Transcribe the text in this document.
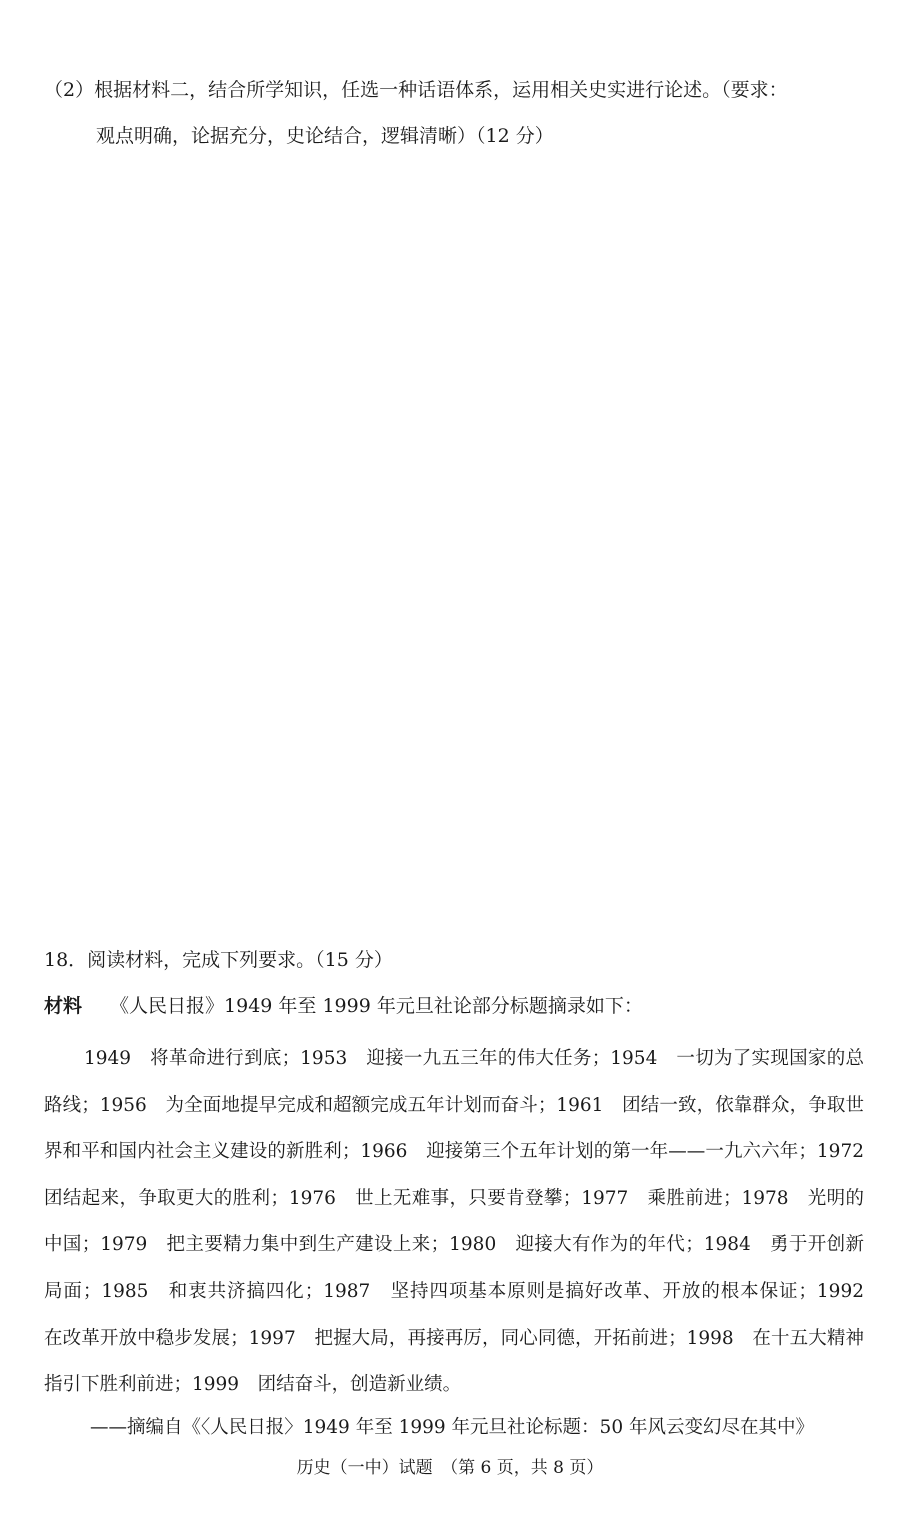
（2）根据材料二，结合所学知识，任选一种话语体系，运用相关史实进行论述。（要求：
观点明确，论据充分，史论结合，逻辑清晰）（12 分）
18．阅读材料，完成下列要求。（15 分）
材料 《人民日报》1949 年至 1999 年元旦社论部分标题摘录如下：
1949　将革命进行到底；1953　迎接一九五三年的伟大任务；1954　一切为了实现国家的总路线；1956　为全面地提早完成和超额完成五年计划而奋斗；1961　团结一致，依靠群众，争取世界和平和国内社会主义建设的新胜利；1966　迎接第三个五年计划的第一年——一九六六年；1972　团结起来，争取更大的胜利；1976　世上无难事，只要肯登攀；1977　乘胜前进；1978　光明的中国；1979　把主要精力集中到生产建设上来；1980　迎接大有作为的年代；1984　勇于开创新局面；1985　和衷共济搞四化；1987　坚持四项基本原则是搞好改革、开放的根本保证；1992　在改革开放中稳步发展；1997　把握大局，再接再厉，同心同德，开拓前进；1998　在十五大精神指引下胜利前进；1999　团结奋斗，创造新业绩。
——摘编自《〈人民日报〉1949 年至 1999 年元旦社论标题：50 年风云变幻尽在其中》
历史（一中）试题　（第 6 页，共 8 页）
